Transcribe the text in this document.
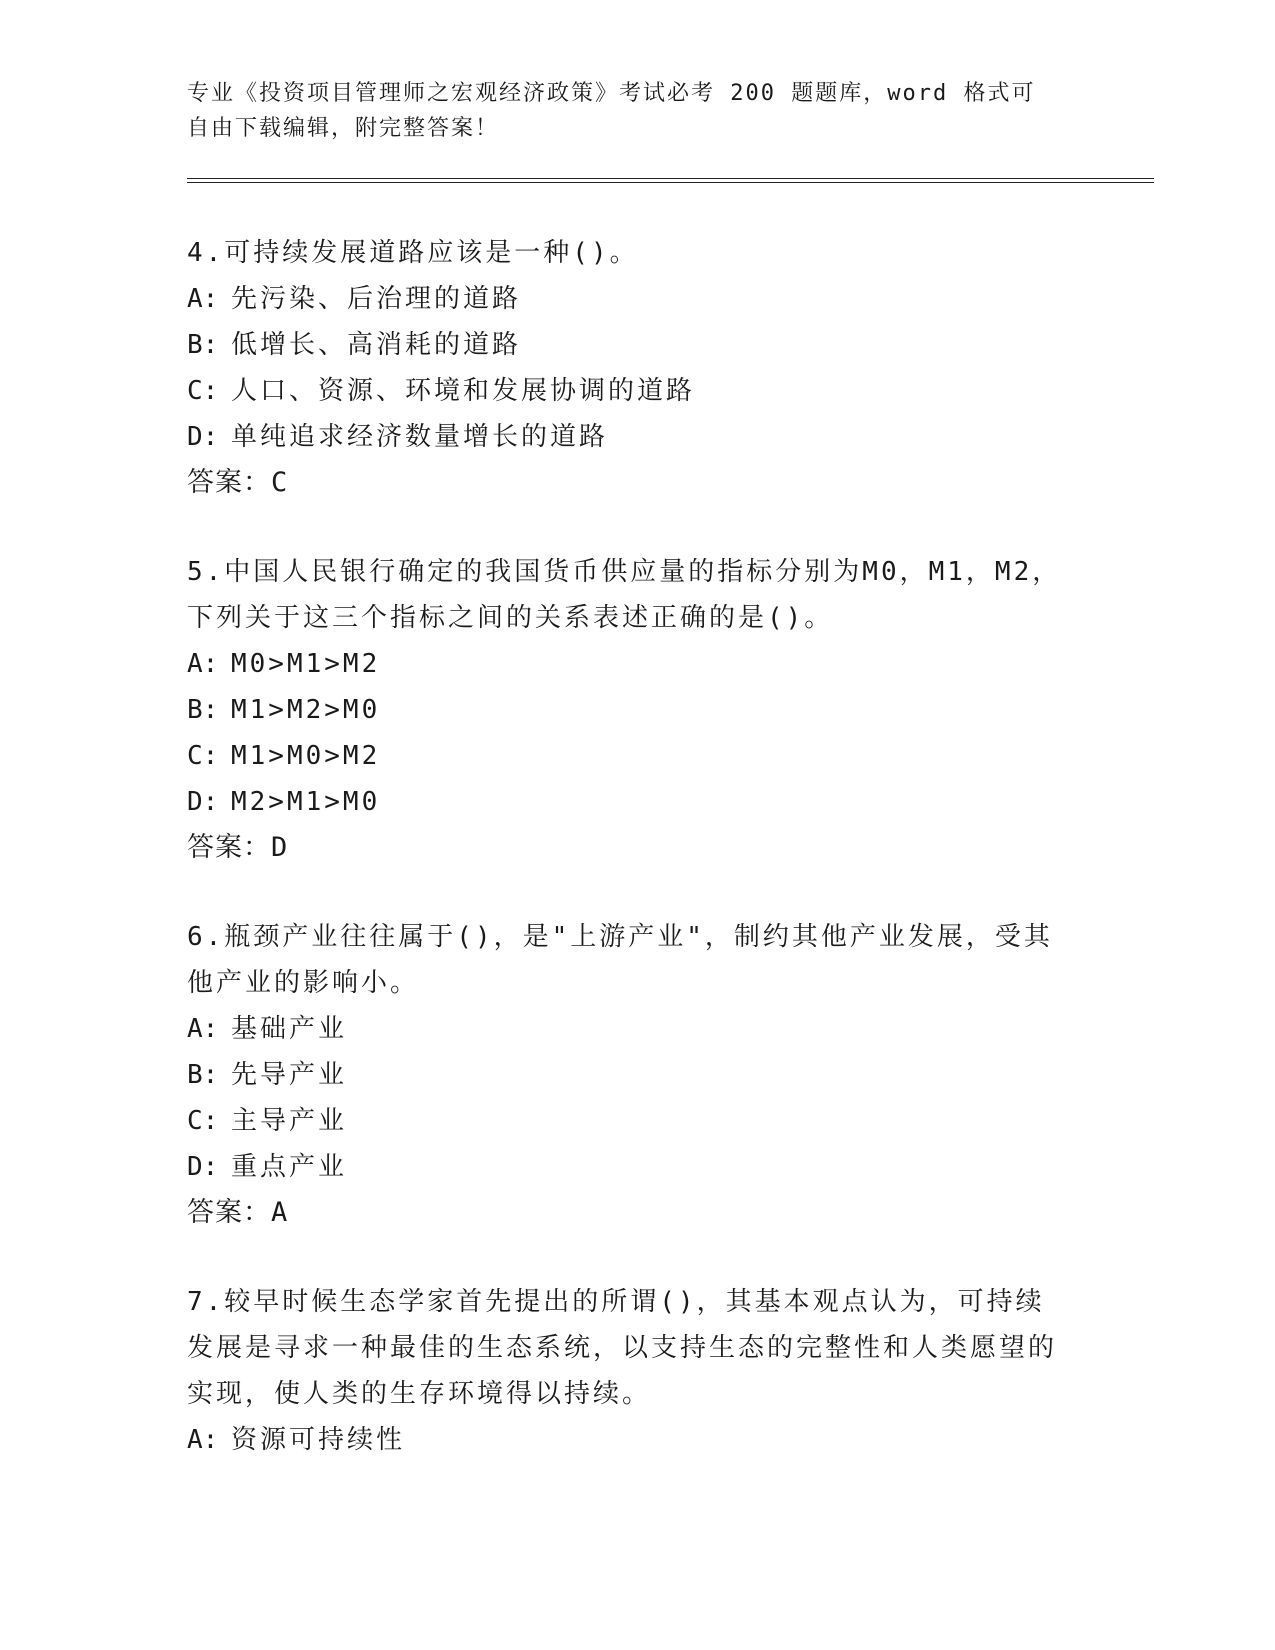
专业《投资项目管理师之宏观经济政策》考试必考 200 题题库，word 格式可自由下载编辑，附完整答案！

4.可持续发展道路应该是一种()。

A: 先污染、后治理的道路

B: 低增长、高消耗的道路

C: 人口、资源、环境和发展协调的道路

D: 单纯追求经济数量增长的道路

答案：C

5.中国人民银行确定的我国货币供应量的指标分别为M0，M1，M2，下列关于这三个指标之间的关系表述正确的是()。

A: M0>M1>M2

B: M1>M2>M0

C: M1>M0>M2

D: M2>M1>M0

答案：D

6.瓶颈产业往往属于()，是"上游产业"，制约其他产业发展，受其他产业的影响小。

A: 基础产业

B: 先导产业

C: 主导产业

D: 重点产业

答案：A

7.较早时候生态学家首先提出的所谓()，其基本观点认为，可持续发展是寻求一种最佳的生态系统，以支持生态的完整性和人类愿望的实现，使人类的生存环境得以持续。

A: 资源可持续性
